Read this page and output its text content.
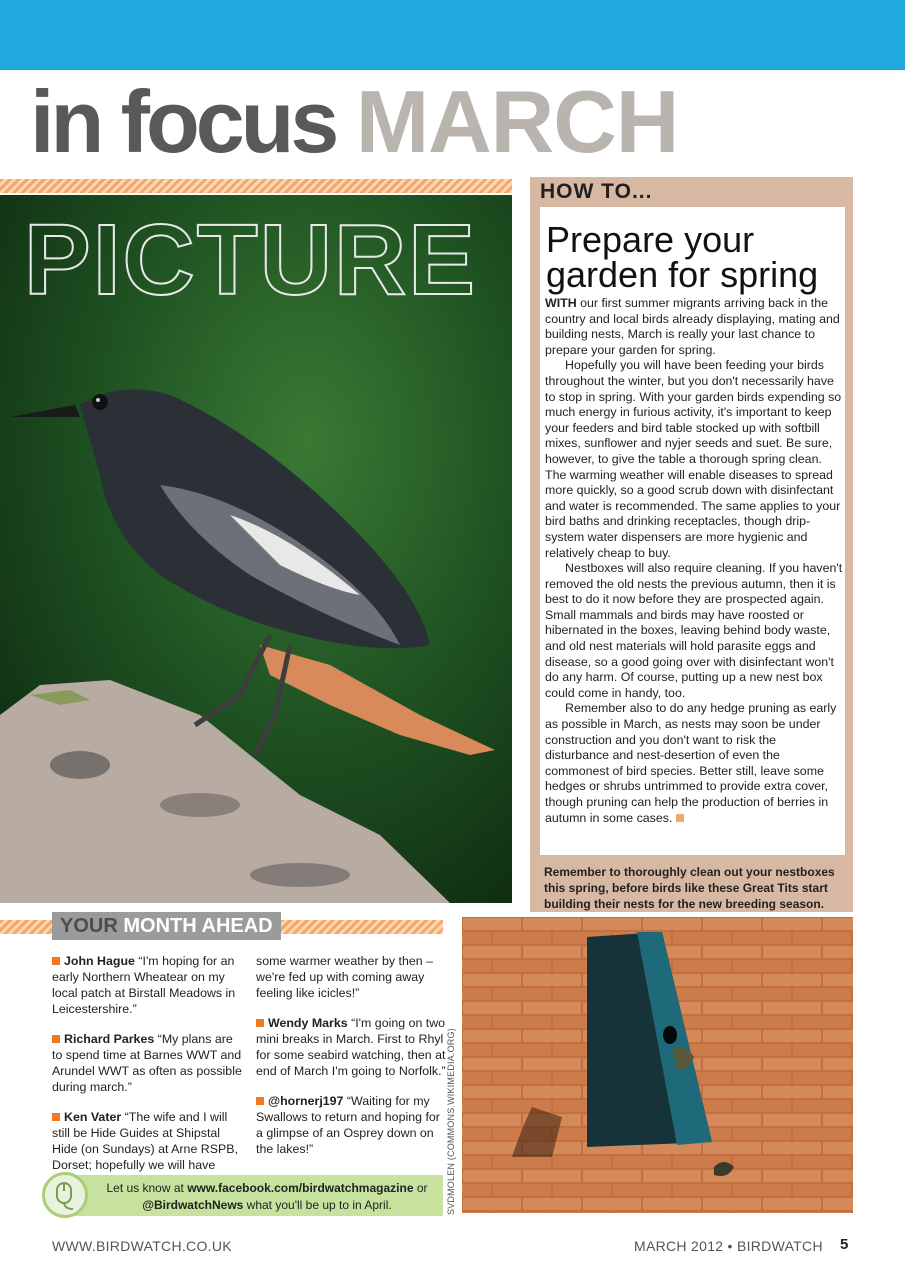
in focus MARCH
PICTURE
HOW TO...
Prepare your garden for spring

WITH our first summer migrants arriving back in the country and local birds already displaying, mating and building nests, March is really your last chance to prepare your garden for spring.

Hopefully you will have been feeding your birds throughout the winter, but you don't necessarily have to stop in spring. With your garden birds expending so much energy in furious activity, it's important to keep your feeders and bird table stocked up with softbill mixes, sunflower and nyjer seeds and suet. Be sure, however, to give the table a thorough spring clean. The warming weather will enable diseases to spread more quickly, so a good scrub down with disinfectant and water is recommended. The same applies to your bird baths and drinking receptacles, though drip-system water dispensers are more hygienic and relatively cheap to buy.

Nestboxes will also require cleaning. If you haven't removed the old nests the previous autumn, then it is best to do it now before they are prospected again. Small mammals and birds may have roosted or hibernated in the boxes, leaving behind body waste, and old nest materials will hold parasite eggs and disease, so a good going over with disinfectant won't do any harm. Of course, putting up a new nest box could come in handy, too.

Remember also to do any hedge pruning as early as possible in March, as nests may soon be under construction and you don't want to risk the disturbance and nest-desertion of even the commonest of bird species. Better still, leave some hedges or shrubs untrimmed to provide extra cover, though pruning can help the production of berries in autumn in some cases.

Remember to thoroughly clean out your nestboxes this spring, before birds like these Great Tits start building their nests for the new breeding season.
YOUR MONTH AHEAD

John Hague “I'm hoping for an early Northern Wheatear on my local patch at Birstall Meadows in Leicestershire.”

Richard Parkes “My plans are to spend time at Barnes WWT and Arundel WWT as often as possible during march.”

Ken Vater “The wife and I will still be Hide Guides at Shipstal Hide (on Sundays) at Arne RSPB, Dorset; hopefully we will have

some warmer weather by then – we're fed up with coming away feeling like icicles!”

Wendy Marks “I'm going on two mini breaks in March. First to Rhyl for some seabird watching, then at end of March I'm going to Norfolk.”

@hornerj197 “Waiting for my Swallows to return and hoping for a glimpse of an Osprey down on the lakes!”

Let us know at www.facebook.com/birdwatchmagazine or @BirdwatchNews what you'll be up to in April.	SVDMOLEN (COMMONS.WIKIMEDIA.ORG)
WWW.BIRDWATCH.CO.UK	MARCH 2012 • BIRDWATCH 5
